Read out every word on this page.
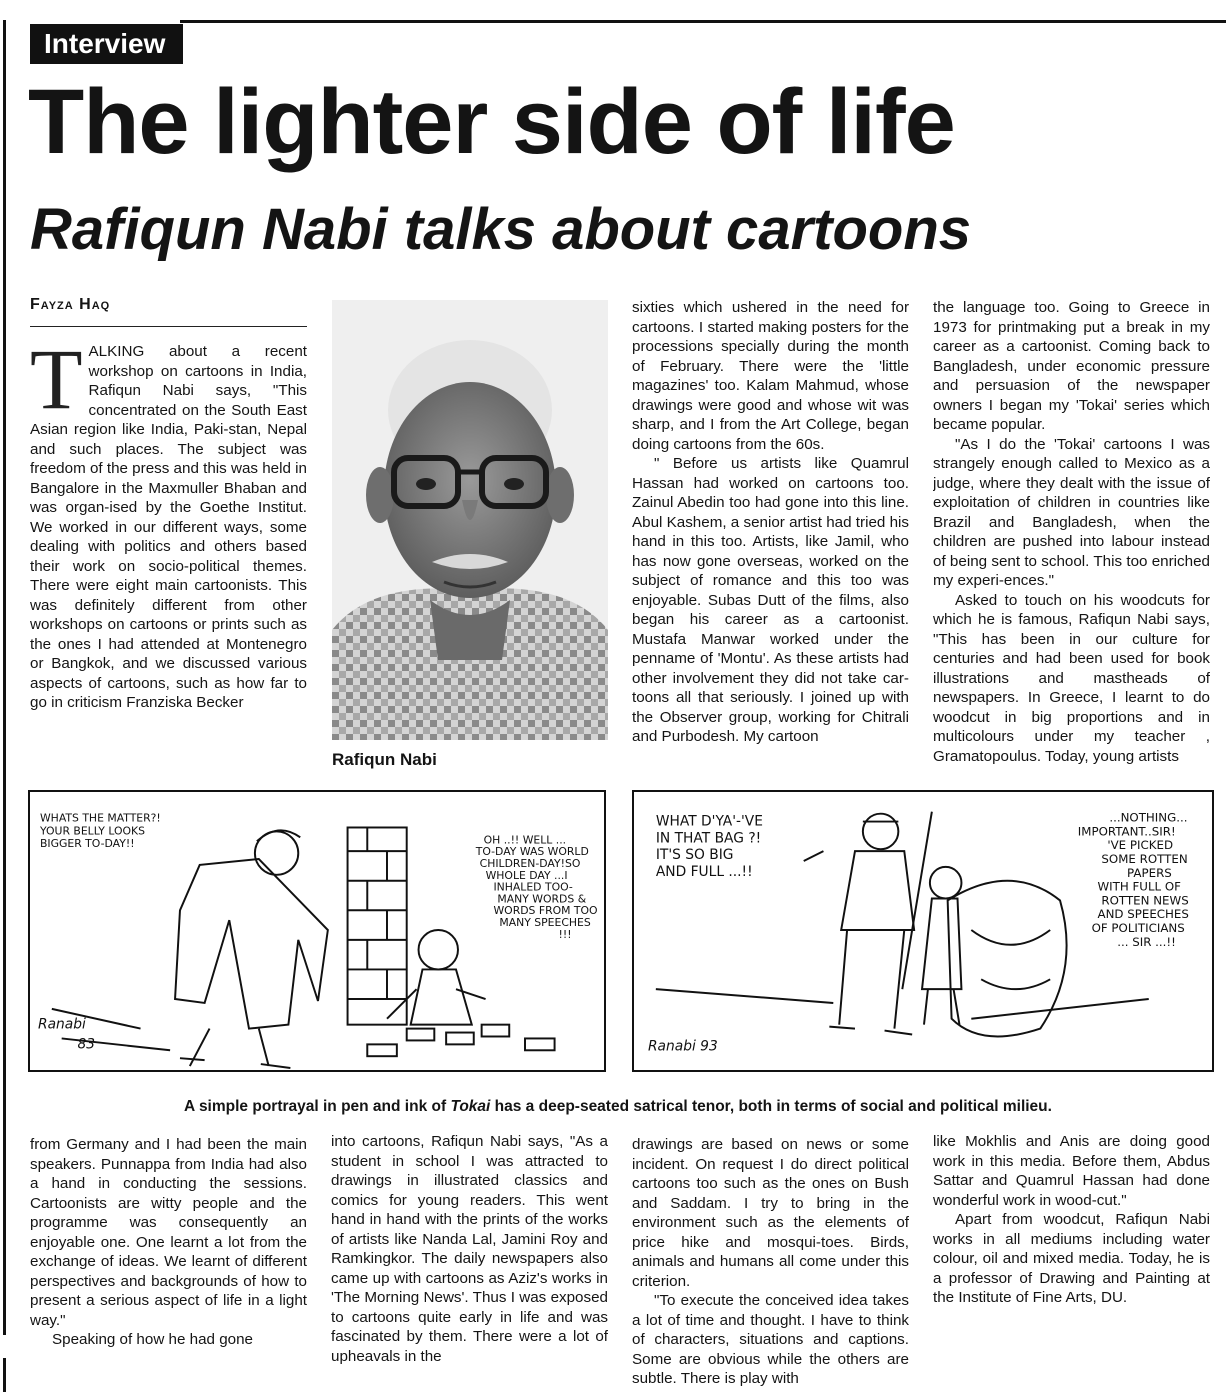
Interview
The lighter side of life
Rafiqun Nabi talks about cartoons
Fayza Haq

TALKING about a recent workshop on cartoons in India, Rafiqun Nabi says, "This concentrated on the South East Asian region like India, Paki-stan, Nepal and such places. The subject was freedom of the press and this was held in Bangalore in the Maxmuller Bhaban and was organ-ised by the Goethe Institut. We worked in our different ways, some dealing with politics and others based their work on socio-political themes. There were eight main cartoonists. This was definitely different from other workshops on cartoons or prints such as the ones I had attended at Montenegro or Bangkok, and we discussed various aspects of cartoons, such as how far to go in criticism Franziska Becker

Rafiqun Nabi

sixties which ushered in the need for cartoons. I started making posters for the processions specially during the month of February. There were the 'little magazines' too. Kalam Mahmud, whose drawings were good and whose wit was sharp, and I from the Art College, began doing cartoons from the 60s.

" Before us artists like Quamrul Hassan had worked on cartoons too. Zainul Abedin too had gone into this line. Abul Kashem, a senior artist had tried his hand in this too. Artists, like Jamil, who has now gone overseas, worked on the subject of romance and this too was enjoyable. Subas Dutt of the films, also began his career as a cartoonist. Mustafa Manwar worked under the penname of 'Montu'. As these artists had other involvement they did not take car-toons all that seriously. I joined up with the Observer group, working for Chitrali and Purbodesh. My cartoon

the language too. Going to Greece in 1973 for printmaking put a break in my career as a cartoonist. Coming back to Bangladesh, under economic pressure and persuasion of the newspaper owners I began my 'Tokai' series which became popular.

"As I do the 'Tokai' cartoons I was strangely enough called to Mexico as a judge, where they dealt with the issue of exploitation of children in countries like Brazil and Bangladesh, when the children are pushed into labour instead of being sent to school. This too enriched my experi-ences."

Asked to touch on his woodcuts for which he is famous, Rafiqun Nabi says, "This has been in our culture for centuries and had been used for book illustrations and mastheads of newspapers. In Greece, I learnt to do woodcut in big proportions and in multicolours under my teacher , Gramatopoulus. Today, young artists

WHATS THE MATTER?! YOUR BELLY LOOKS BIGGER TO-DAY!!	OH ..!! WELL ... TO-DAY WAS WORLD CHILDREN-DAY!SO WHOLE DAY ...I INHALED TOO-MANY WORDS & WORDS FROM TOO MANY SPEECHES !!!
Ranabi 83
WHAT D'YA'-'VE IN THAT BAG ?! IT'S SO BIG AND FULL ...!!
...NOTHING... IMPORTANT..SIR! 'VE PICKED SOME ROTTEN PAPERS WITH FULL OF ROTTEN NEWS AND SPEECHES OF POLITICIANS ... SIR ...!!
Ranabi 93
A simple portrayal in pen and ink of Tokai has a deep-seated satrical tenor, both in terms of social and political milieu.

from Germany and I had been the main speakers. Punnappa from India had also a hand in conducting the sessions. Cartoonists are witty people and the programme was consequently an enjoyable one. One learnt a lot from the exchange of ideas. We learnt of different perspectives and backgrounds of how to present a serious aspect of life in a light way."

Speaking of how he had gone

into cartoons, Rafiqun Nabi says, "As a student in school I was attracted to drawings in illustrated classics and comics for young readers. This went hand in hand with the prints of the works of artists like Nanda Lal, Jamini Roy and Ramkingkor. The daily newspapers also came up with cartoons as Aziz's works in 'The Morning News'. Thus I was exposed to cartoons quite early in life and was fascinated by them. There were a lot of upheavals in the

drawings are based on news or some incident. On request I do direct political cartoons too such as the ones on Bush and Saddam. I try to bring in the environment such as the elements of price hike and mosqui-toes. Birds, animals and humans all come under this criterion.

"To execute the conceived idea takes a lot of time and thought. I have to think of characters, situations and captions. Some are obvious while the others are subtle. There is play with

like Mokhlis and Anis are doing good work in this media. Before them, Abdus Sattar and Quamrul Hassan had done wonderful work in wood-cut."

Apart from woodcut, Rafiqun Nabi works in all mediums including water colour, oil and mixed media. Today, he is a professor of Drawing and Painting at the Institute of Fine Arts, DU.
